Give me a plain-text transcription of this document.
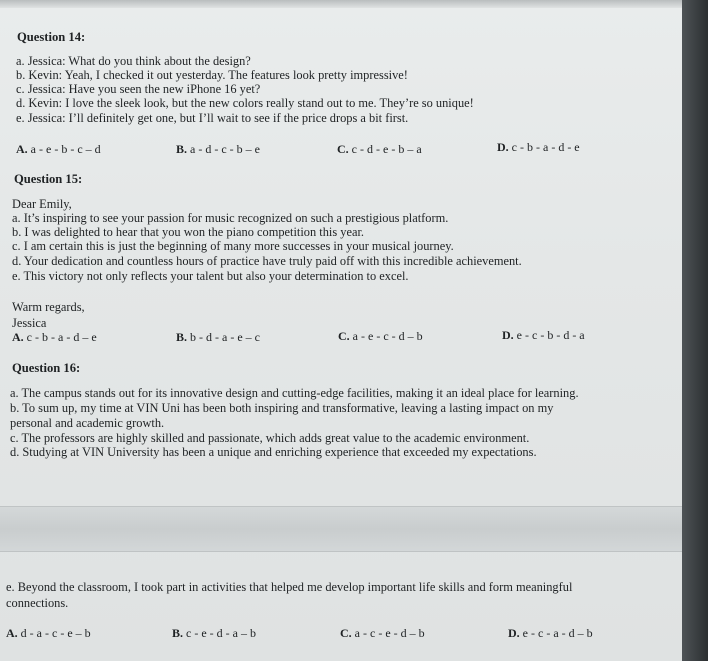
Question 14:
a. Jessica: What do you think about the design?
b. Kevin: Yeah, I checked it out yesterday. The features look pretty impressive!
c. Jessica: Have you seen the new iPhone 16 yet?
d. Kevin: I love the sleek look, but the new colors really stand out to me. They’re so unique!
e. Jessica: I’ll definitely get one, but I’ll wait to see if the price drops a bit first.
A. a - e - b - c – d	B. a - d - c - b – e	C. c - d - e - b – a	D. c - b - a - d - e
Question 15:
Dear Emily,
a. It’s inspiring to see your passion for music recognized on such a prestigious platform.
b. I was delighted to hear that you won the piano competition this year.
c. I am certain this is just the beginning of many more successes in your musical journey.
d. Your dedication and countless hours of practice have truly paid off with this incredible achievement.
e. This victory not only reflects your talent but also your determination to excel.
Warm regards,
Jessica
A. c - b - a - d – e	B. b - d - a - e – c	C. a - e - c - d – b	D. e - c - b - d - a
Question 16:
a. The campus stands out for its innovative design and cutting-edge facilities, making it an ideal place for learning.
b. To sum up, my time at VIN Uni has been both inspiring and transformative, leaving a lasting impact on my
personal and academic growth.
c. The professors are highly skilled and passionate, which adds great value to the academic environment.
d. Studying at VIN University has been a unique and enriching experience that exceeded my expectations.
e. Beyond the classroom, I took part in activities that helped me develop important life skills and form meaningful
connections.
A. d - a - c - e – b	B. c - e - d - a – b	C. a - c - e - d – b	D. e - c - a - d – b
